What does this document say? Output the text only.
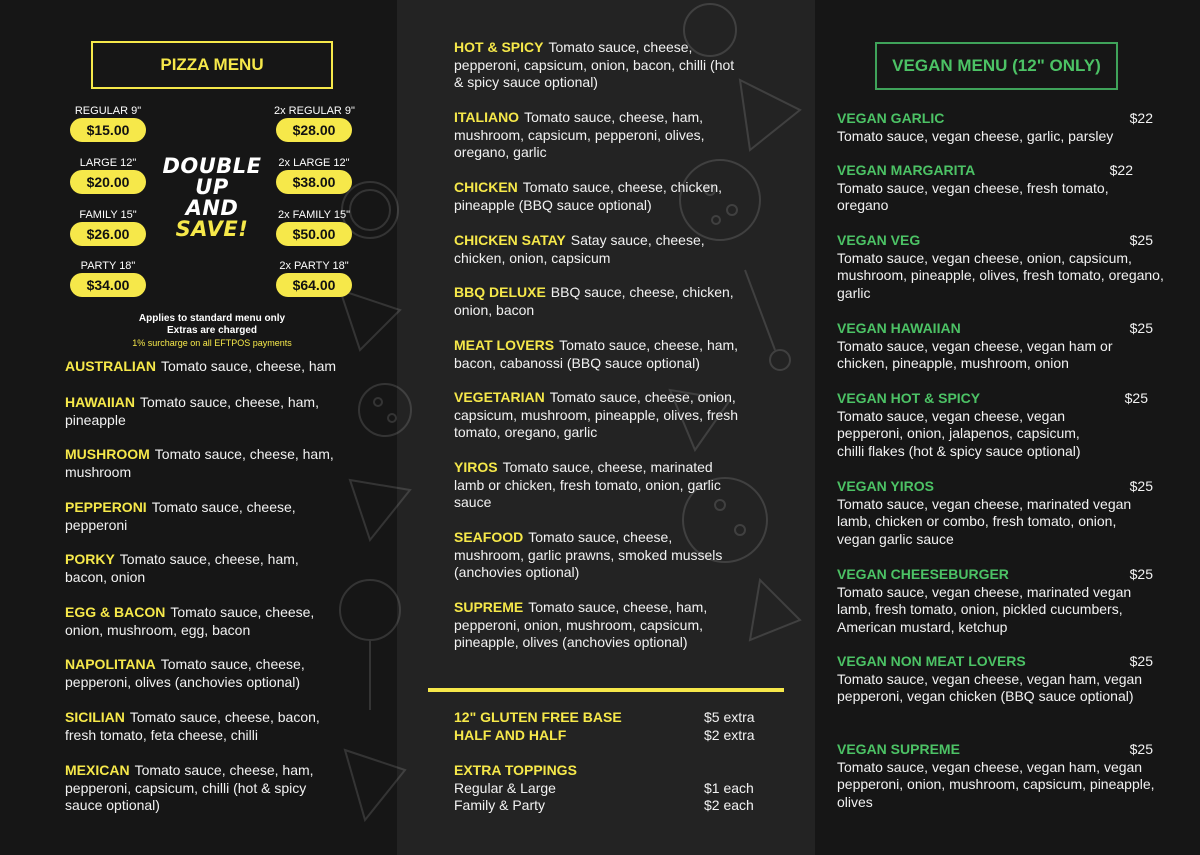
PIZZA MENU
REGULAR 9"
$15.00
LARGE 12"
$20.00
FAMILY 15"
$26.00
PARTY 18"
$34.00
2x REGULAR 9"
$28.00
2x LARGE 12"
$38.00
2x FAMILY 15"
$50.00
2x PARTY 18"
$64.00
DOUBLE
UP
AND
SAVE!
Applies to standard menu only
Extras are charged
1% surcharge on all EFTPOS payments
AUSTRALIAN Tomato sauce, cheese, ham
HAWAIIAN Tomato sauce, cheese, ham, pineapple
MUSHROOM Tomato sauce, cheese, ham, mushroom
PEPPERONI Tomato sauce, cheese, pepperoni
PORKY Tomato sauce, cheese, ham, bacon, onion
EGG & BACON Tomato sauce, cheese, onion, mushroom, egg, bacon
NAPOLITANA Tomato sauce, cheese, pepperoni, olives (anchovies optional)
SICILIAN Tomato sauce, cheese, bacon, fresh tomato, feta cheese, chilli
MEXICAN Tomato sauce, cheese, ham, pepperoni, capsicum, chilli (hot & spicy sauce optional)
HOT & SPICY Tomato sauce, cheese, pepperoni, capsicum, onion, bacon, chilli (hot & spicy sauce optional)
ITALIANO Tomato sauce, cheese, ham, mushroom, capsicum, pepperoni, olives, oregano, garlic
CHICKEN Tomato sauce, cheese, chicken, pineapple (BBQ sauce optional)
CHICKEN SATAY Satay sauce, cheese, chicken, onion, capsicum
BBQ DELUXE BBQ sauce, cheese, chicken, onion, bacon
MEAT LOVERS Tomato sauce, cheese, ham, bacon, cabanossi (BBQ sauce optional)
VEGETARIAN Tomato sauce, cheese, onion, capsicum, mushroom, pineapple, olives, fresh tomato, oregano, garlic
YIROS Tomato sauce, cheese, marinated lamb or chicken, fresh tomato, onion, garlic sauce
SEAFOOD Tomato sauce, cheese, mushroom, garlic prawns, smoked mussels (anchovies optional)
SUPREME Tomato sauce, cheese, ham, pepperoni, onion, mushroom, capsicum, pineapple, olives (anchovies optional)
12" GLUTEN FREE BASE	$5 extra
HALF AND HALF	$2 extra
EXTRA TOPPINGS
Regular & Large	$1 each
Family & Party	$2 each
VEGAN MENU (12" ONLY)
VEGAN GARLIC	$22
Tomato sauce, vegan cheese, garlic, parsley
VEGAN MARGARITA	$22
Tomato sauce, vegan cheese, fresh tomato, oregano
VEGAN VEG	$25
Tomato sauce, vegan cheese, onion, capsicum, mushroom, pineapple, olives, fresh tomato, oregano, garlic
VEGAN HAWAIIAN	$25
Tomato sauce, vegan cheese, vegan ham or chicken, pineapple, mushroom, onion
VEGAN HOT & SPICY	$25
Tomato sauce, vegan cheese, vegan pepperoni, onion, jalapenos, capsicum, chilli flakes (hot & spicy sauce optional)
VEGAN YIROS	$25
Tomato sauce, vegan cheese, marinated vegan lamb, chicken or combo, fresh tomato, onion, vegan garlic sauce
VEGAN CHEESEBURGER	$25
Tomato sauce, vegan cheese, marinated vegan lamb, fresh tomato, onion, pickled cucumbers, American mustard, ketchup
VEGAN NON MEAT LOVERS	$25
Tomato sauce, vegan cheese, vegan ham, vegan pepperoni, vegan chicken (BBQ sauce optional)
VEGAN SUPREME	$25
Tomato sauce, vegan cheese, vegan ham, vegan pepperoni, onion, mushroom, capsicum, pineapple, olives
